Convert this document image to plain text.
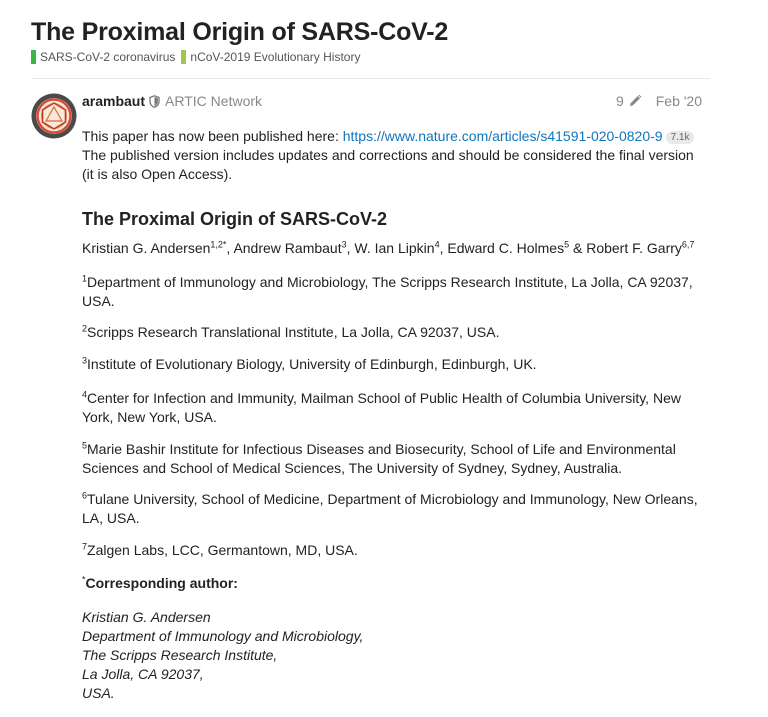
The Proximal Origin of SARS-CoV-2
SARS-CoV-2 coronavirus nCoV-2019 Evolutionary History
arambaut ARTIC Network	9 Feb '20

This paper has now been published here: https://www.nature.com/articles/s41591-020-0820-9 7.1k

The published version includes updates and corrections and should be considered the final version (it is also Open Access).

The Proximal Origin of SARS-CoV-2

Kristian G. Andersen$^{1,2*}$, Andrew Rambaut$^3$, W. Ian Lipkin$^4$, Edward C. Holmes$^5$ & Robert F. Garry$^{6,7}$

$^1$Department of Immunology and Microbiology, The Scripps Research Institute, La Jolla, CA 92037, USA.

$^2$Scripps Research Translational Institute, La Jolla, CA 92037, USA.

$^3$Institute of Evolutionary Biology, University of Edinburgh, Edinburgh, UK.

$^4$Center for Infection and Immunity, Mailman School of Public Health of Columbia University, New York, New York, USA.

$^5$Marie Bashir Institute for Infectious Diseases and Biosecurity, School of Life and Environmental Sciences and School of Medical Sciences, The University of Sydney, Sydney, Australia.

$^6$Tulane University, School of Medicine, Department of Microbiology and Immunology, New Orleans, LA, USA.

$^7$Zalgen Labs, LCC, Germantown, MD, USA.

*Corresponding author:

Kristian G. Andersen
Department of Immunology and Microbiology,
The Scripps Research Institute,
La Jolla, CA 92037,
USA.
